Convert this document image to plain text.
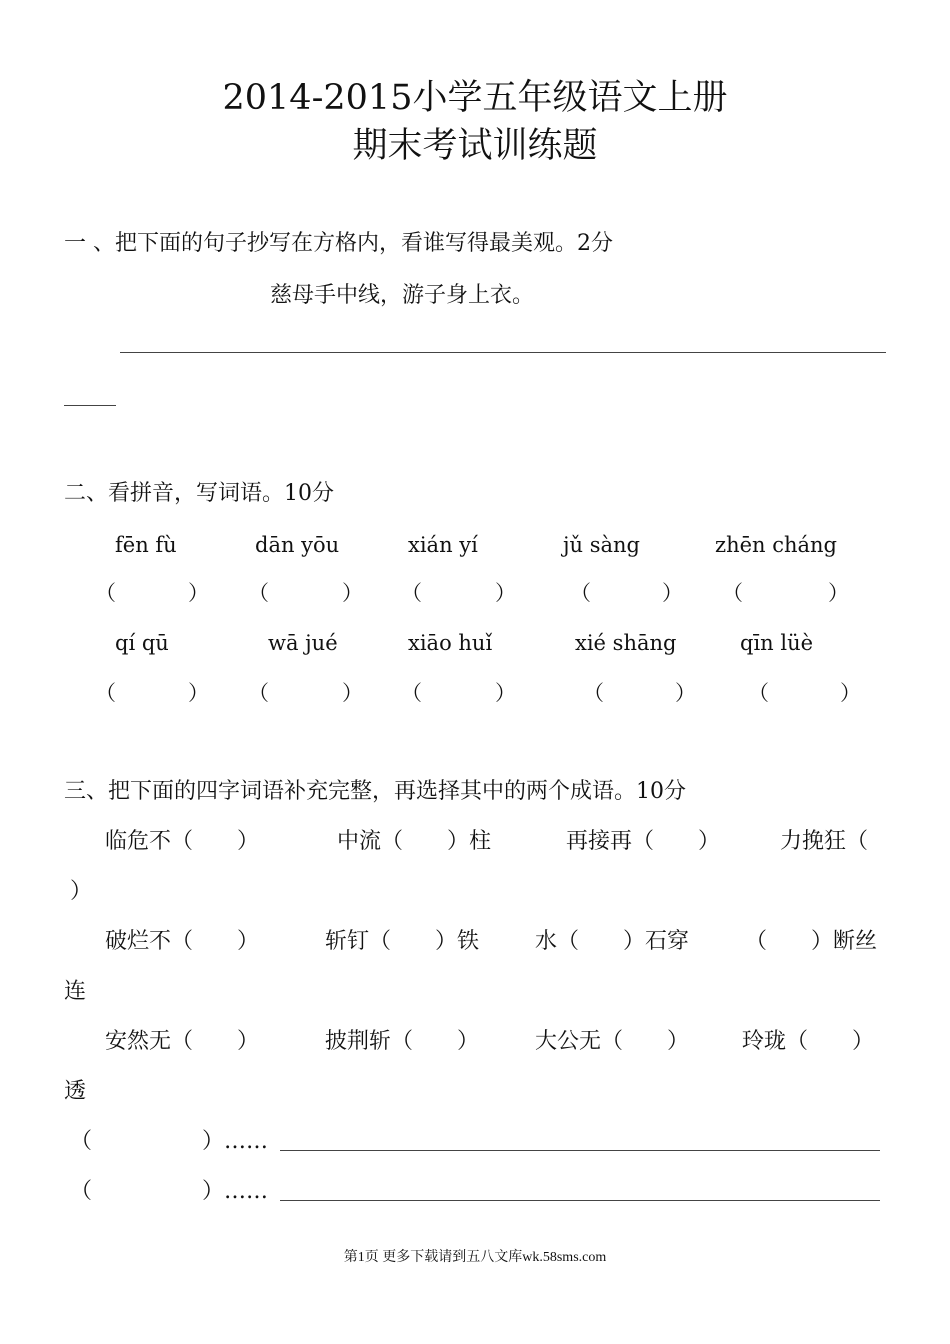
2014-2015小学五年级语文上册
期末考试训练题
一 、把下面的句子抄写在方格内，看谁写得最美观。2分
慈母手中线，游子身上衣。
二、看拼音，写词语。10分
fēn fù	dān yōu	xián yí	jǔ sàng	zhēn cháng
（	） （	） （	）	（	） （	）
qí qū	wā jué	xiāo huǐ	xié shāng	qīn lüè
（	） （	） （	）	（	） （	）
三、把下面的四字词语补充完整，再选择其中的两个成语。10分
临危不（　　）	中流（　　）柱	再接再（　　）	力挽狂（
）
破烂不（　　）	斩钉（　　）铁	水（　　）石穿	（　　）断丝
连
安然无（　　）	披荆斩（　　）	大公无（　　） 玲珑（　　）
透
（　　　　　）……
（　　　　　）……
第1页 更多下载请到五八文库wk.58sms.com
